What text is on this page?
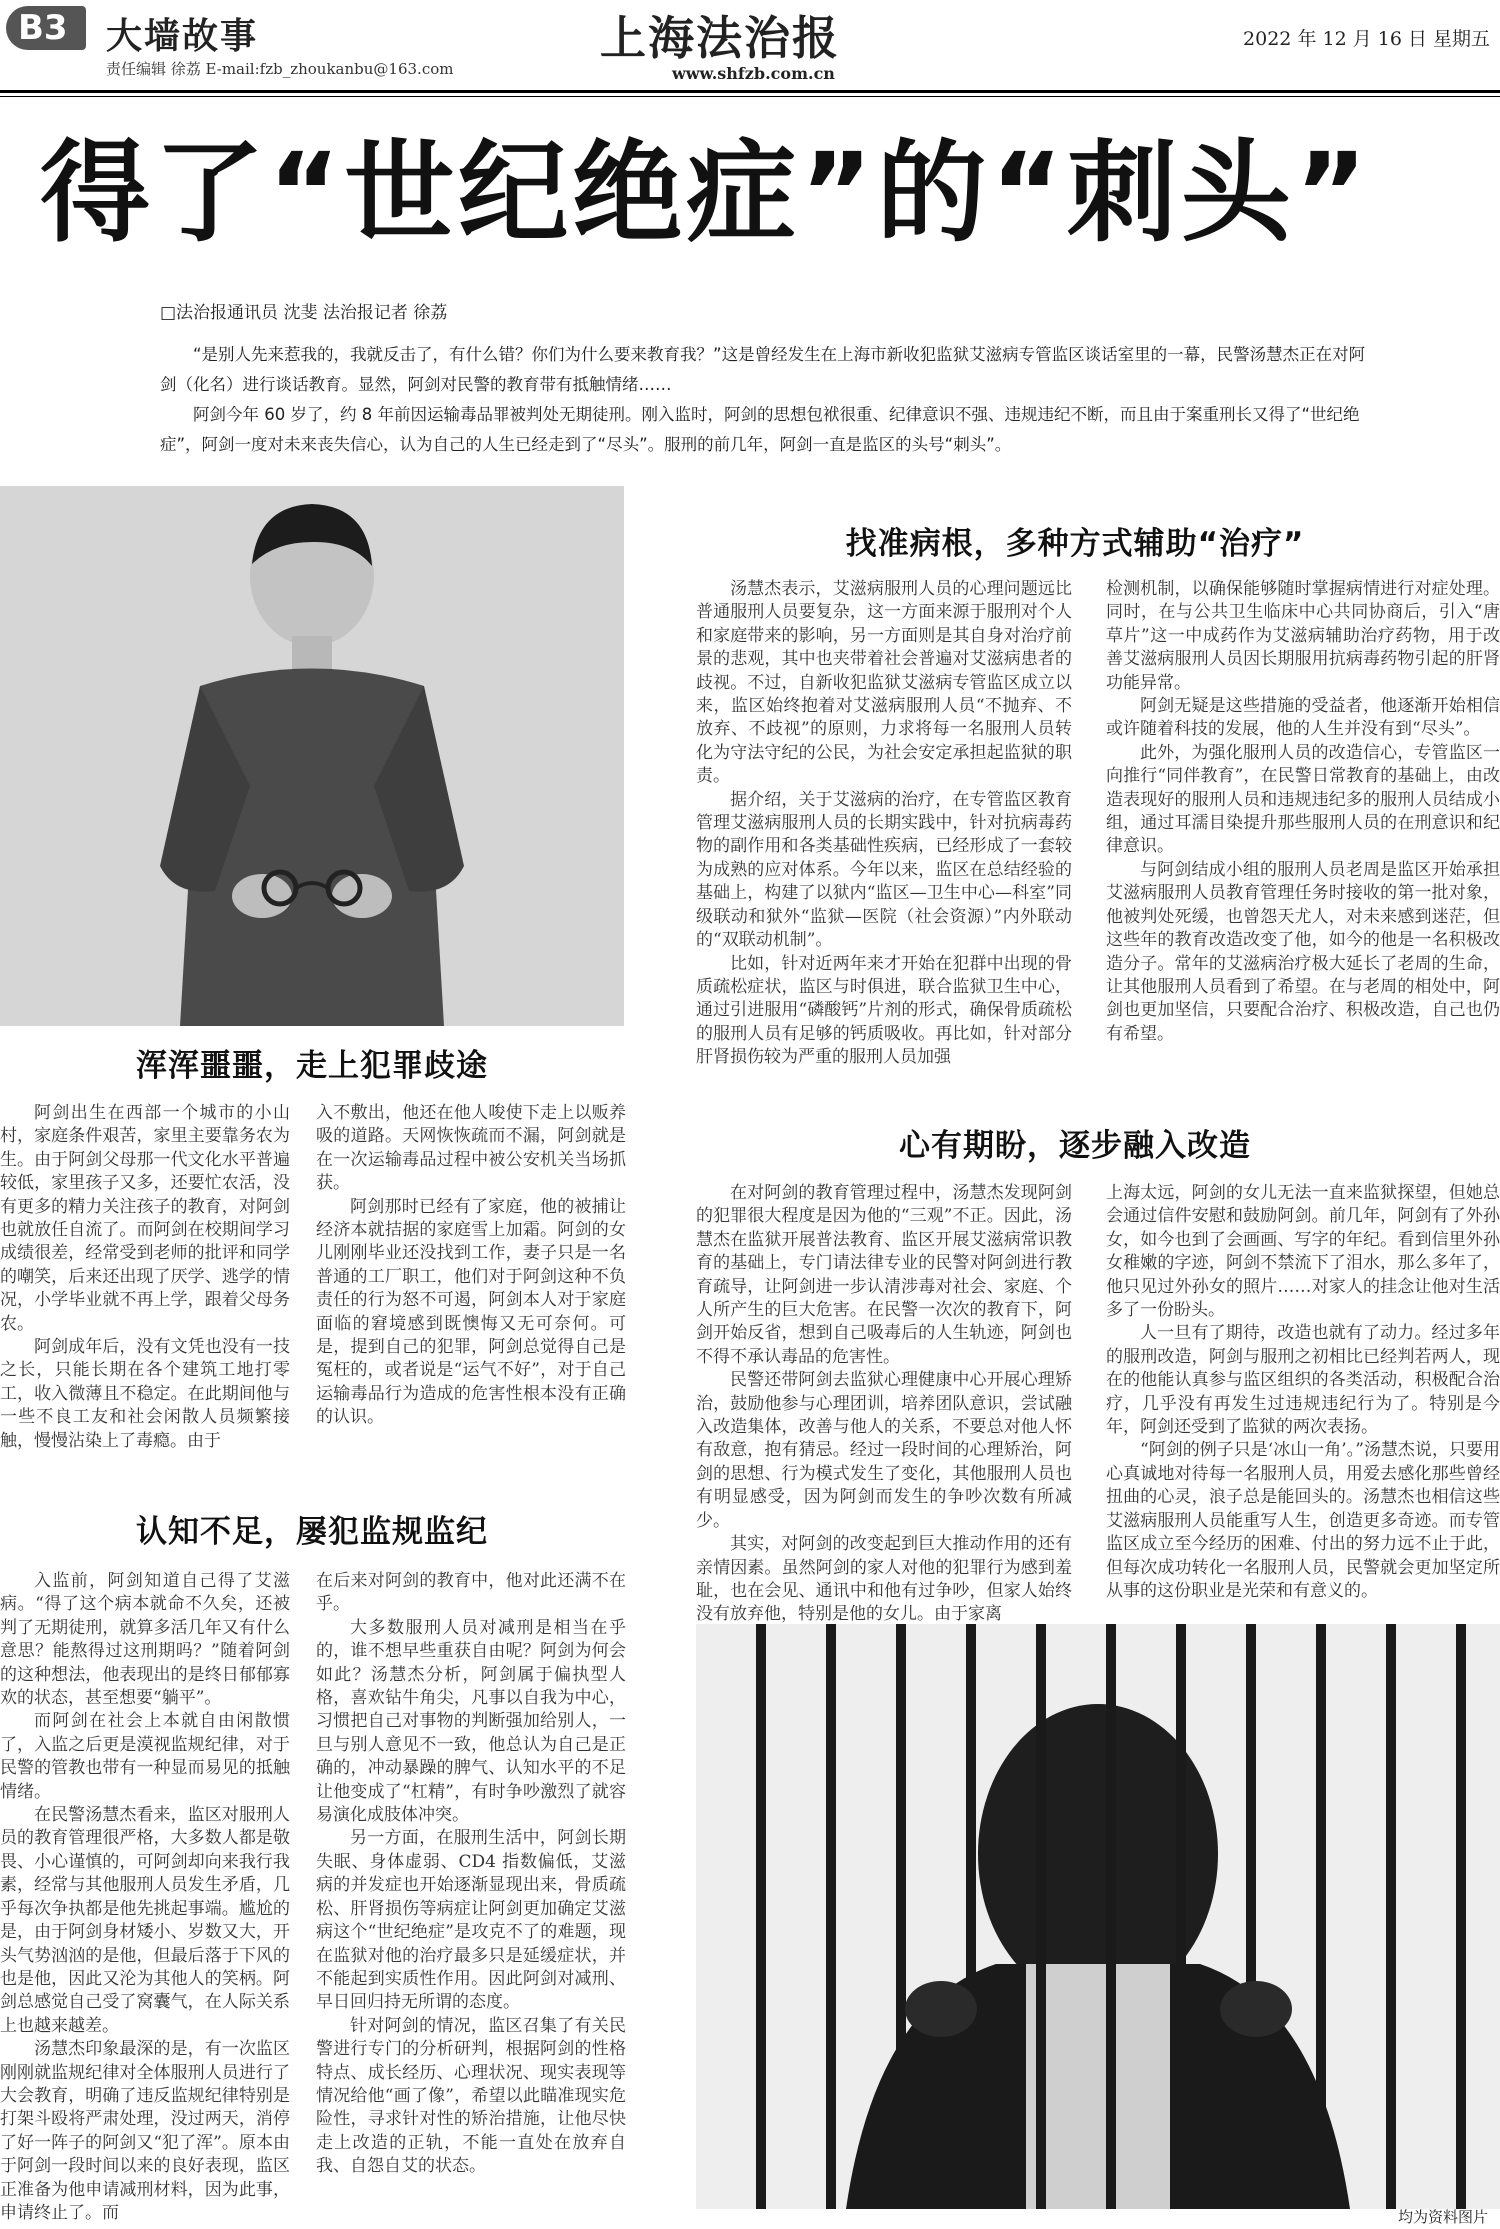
B3	大墙故事
责任编辑 徐荔 E-mail:fzb_zhoukanbu@163.com
上海法治报
www.shfzb.com.cn
2022 年 12 月 16 日 星期五
得了“世纪绝症”的“刺头”
□法治报通讯员 沈斐 法治报记者 徐荔
“是别人先来惹我的，我就反击了，有什么错？你们为什么要来教育我？”这是曾经发生在上海市新收犯监狱艾滋病专管监区谈话室里的一幕，民警汤慧杰正在对阿剑（化名）进行谈话教育。显然，阿剑对民警的教育带有抵触情绪……
阿剑今年 60 岁了，约 8 年前因运输毒品罪被判处无期徒刑。刚入监时，阿剑的思想包袱很重、纪律意识不强、违规违纪不断，而且由于案重刑长又得了“世纪绝症”，阿剑一度对未来丧失信心，认为自己的人生已经走到了“尽头”。服刑的前几年，阿剑一直是监区的头号“刺头”。
浑浑噩噩，走上犯罪歧途

阿剑出生在西部一个城市的小山村，家庭条件艰苦，家里主要靠务农为生。由于阿剑父母那一代文化水平普遍较低，家里孩子又多，还要忙农活，没有更多的精力关注孩子的教育，对阿剑也就放任自流了。而阿剑在校期间学习成绩很差，经常受到老师的批评和同学的嘲笑，后来还出现了厌学、逃学的情况，小学毕业就不再上学，跟着父母务农。

阿剑成年后，没有文凭也没有一技之长，只能长期在各个建筑工地打零工，收入微薄且不稳定。在此期间他与一些不良工友和社会闲散人员频繁接触，慢慢沾染上了毒瘾。由于

入不敷出，他还在他人唆使下走上以贩养吸的道路。天网恢恢疏而不漏，阿剑就是在一次运输毒品过程中被公安机关当场抓获。

阿剑那时已经有了家庭，他的被捕让经济本就拮据的家庭雪上加霜。阿剑的女儿刚刚毕业还没找到工作，妻子只是一名普通的工厂职工，他们对于阿剑这种不负责任的行为怒不可遏，阿剑本人对于家庭面临的窘境感到既懊悔又无可奈何。可是，提到自己的犯罪，阿剑总觉得自己是冤枉的，或者说是“运气不好”，对于自己运输毒品行为造成的危害性根本没有正确的认识。

认知不足，屡犯监规监纪

入监前，阿剑知道自己得了艾滋病。“得了这个病本就命不久矣，还被判了无期徒刑，就算多活几年又有什么意思？能熬得过这刑期吗？”随着阿剑的这种想法，他表现出的是终日郁郁寡欢的状态，甚至想要“躺平”。

而阿剑在社会上本就自由闲散惯了，入监之后更是漠视监规纪律，对于民警的管教也带有一种显而易见的抵触情绪。

在民警汤慧杰看来，监区对服刑人员的教育管理很严格，大多数人都是敬畏、小心谨慎的，可阿剑却向来我行我素，经常与其他服刑人员发生矛盾，几乎每次争执都是他先挑起事端。尴尬的是，由于阿剑身材矮小、岁数又大，开头气势汹汹的是他，但最后落于下风的也是他，因此又沦为其他人的笑柄。阿剑总感觉自己受了窝囊气，在人际关系上也越来越差。

汤慧杰印象最深的是，有一次监区刚刚就监规纪律对全体服刑人员进行了大会教育，明确了违反监规纪律特别是打架斗殴将严肃处理，没过两天，消停了好一阵子的阿剑又“犯了浑”。原本由于阿剑一段时间以来的良好表现，监区正准备为他申请减刑材料，因为此事，申请终止了。而

在后来对阿剑的教育中，他对此还满不在乎。

大多数服刑人员对减刑是相当在乎的，谁不想早些重获自由呢？阿剑为何会如此？汤慧杰分析，阿剑属于偏执型人格，喜欢钻牛角尖，凡事以自我为中心，习惯把自己对事物的判断强加给别人，一旦与别人意见不一致，他总认为自己是正确的，冲动暴躁的脾气、认知水平的不足让他变成了“杠精”，有时争吵激烈了就容易演化成肢体冲突。

另一方面，在服刑生活中，阿剑长期失眠、身体虚弱、CD4 指数偏低，艾滋病的并发症也开始逐渐显现出来，骨质疏松、肝肾损伤等病症让阿剑更加确定艾滋病这个“世纪绝症”是攻克不了的难题，现在监狱对他的治疗最多只是延缓症状，并不能起到实质性作用。因此阿剑对减刑、早日回归持无所谓的态度。

针对阿剑的情况，监区召集了有关民警进行专门的分析研判，根据阿剑的性格特点、成长经历、心理状况、现实表现等情况给他“画了像”，希望以此瞄准现实危险性，寻求针对性的矫治措施，让他尽快走上改造的正轨，不能一直处在放弃自我、自怨自艾的状态。

找准病根，多种方式辅助“治疗”

汤慧杰表示，艾滋病服刑人员的心理问题远比普通服刑人员要复杂，这一方面来源于服刑对个人和家庭带来的影响，另一方面则是其自身对治疗前景的悲观，其中也夹带着社会普遍对艾滋病患者的歧视。不过，自新收犯监狱艾滋病专管监区成立以来，监区始终抱着对艾滋病服刑人员“不抛弃、不放弃、不歧视”的原则，力求将每一名服刑人员转化为守法守纪的公民，为社会安定承担起监狱的职责。

据介绍，关于艾滋病的治疗，在专管监区教育管理艾滋病服刑人员的长期实践中，针对抗病毒药物的副作用和各类基础性疾病，已经形成了一套较为成熟的应对体系。今年以来，监区在总结经验的基础上，构建了以狱内“监区—卫生中心—科室”同级联动和狱外“监狱—医院（社会资源）”内外联动的“双联动机制”。

比如，针对近两年来才开始在犯群中出现的骨质疏松症状，监区与时俱进，联合监狱卫生中心，通过引进服用“磷酸钙”片剂的形式，确保骨质疏松的服刑人员有足够的钙质吸收。再比如，针对部分肝肾损伤较为严重的服刑人员加强

检测机制，以确保能够随时掌握病情进行对症处理。同时，在与公共卫生临床中心共同协商后，引入“唐草片”这一中成药作为艾滋病辅助治疗药物，用于改善艾滋病服刑人员因长期服用抗病毒药物引起的肝肾功能异常。

阿剑无疑是这些措施的受益者，他逐渐开始相信或许随着科技的发展，他的人生并没有到“尽头”。

此外，为强化服刑人员的改造信心，专管监区一向推行“同伴教育”，在民警日常教育的基础上，由改造表现好的服刑人员和违规违纪多的服刑人员结成小组，通过耳濡目染提升那些服刑人员的在刑意识和纪律意识。

与阿剑结成小组的服刑人员老周是监区开始承担艾滋病服刑人员教育管理任务时接收的第一批对象，他被判处死缓，也曾怨天尤人，对未来感到迷茫，但这些年的教育改造改变了他，如今的他是一名积极改造分子。常年的艾滋病治疗极大延长了老周的生命，让其他服刑人员看到了希望。在与老周的相处中，阿剑也更加坚信，只要配合治疗、积极改造，自己也仍有希望。

心有期盼，逐步融入改造

在对阿剑的教育管理过程中，汤慧杰发现阿剑的犯罪很大程度是因为他的“三观”不正。因此，汤慧杰在监狱开展普法教育、监区开展艾滋病常识教育的基础上，专门请法律专业的民警对阿剑进行教育疏导，让阿剑进一步认清涉毒对社会、家庭、个人所产生的巨大危害。在民警一次次的教育下，阿剑开始反省，想到自己吸毒后的人生轨迹，阿剑也不得不承认毒品的危害性。

民警还带阿剑去监狱心理健康中心开展心理矫治，鼓励他参与心理团训，培养团队意识，尝试融入改造集体，改善与他人的关系，不要总对他人怀有敌意，抱有猜忌。经过一段时间的心理矫治，阿剑的思想、行为模式发生了变化，其他服刑人员也有明显感受，因为阿剑而发生的争吵次数有所减少。

其实，对阿剑的改变起到巨大推动作用的还有亲情因素。虽然阿剑的家人对他的犯罪行为感到羞耻，也在会见、通讯中和他有过争吵，但家人始终没有放弃他，特别是他的女儿。由于家离

上海太远，阿剑的女儿无法一直来监狱探望，但她总会通过信件安慰和鼓励阿剑。前几年，阿剑有了外孙女，如今也到了会画画、写字的年纪。看到信里外孙女稚嫩的字迹，阿剑不禁流下了泪水，那么多年了，他只见过外孙女的照片……对家人的挂念让他对生活多了一份盼头。

人一旦有了期待，改造也就有了动力。经过多年的服刑改造，阿剑与服刑之初相比已经判若两人，现在的他能认真参与监区组织的各类活动，积极配合治疗，几乎没有再发生过违规违纪行为了。特别是今年，阿剑还受到了监狱的两次表扬。

“阿剑的例子只是‘冰山一角’。”汤慧杰说，只要用心真诚地对待每一名服刑人员，用爱去感化那些曾经扭曲的心灵，浪子总是能回头的。汤慧杰也相信这些艾滋病服刑人员能重写人生，创造更多奇迹。而专管监区成立至今经历的困难、付出的努力远不止于此，但每次成功转化一名服刑人员，民警就会更加坚定所从事的这份职业是光荣和有意义的。

均为资料图片
